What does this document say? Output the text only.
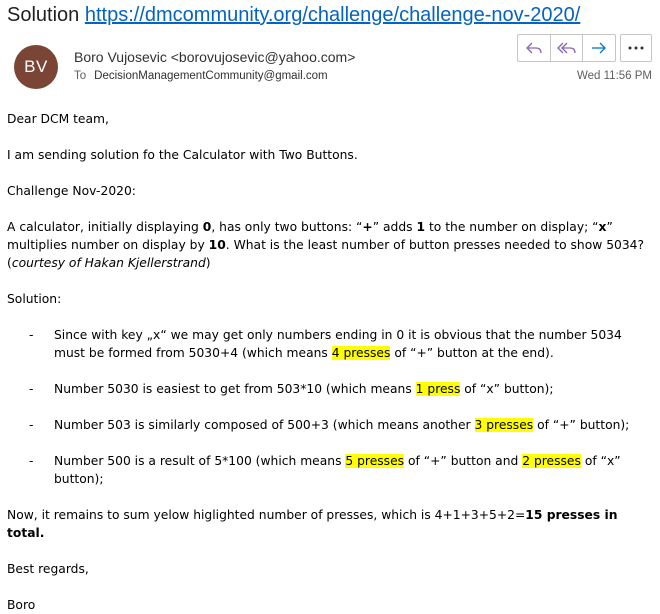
Solution https://dmcommunity.org/challenge/challenge-nov-2020/
BV Boro Vujosevic <borovujosevic@yahoo.com>
To DecisionManagementCommunity@gmail.com	Wed 11:56 PM

Dear DCM team,

I am sending solution fo the Calculator with Two Buttons.

Challenge Nov-2020:

A calculator, initially displaying 0, has only two buttons: “+” adds 1 to the number on display; “x” multiplies number on display by 10. What is the least number of button presses needed to show 5034? (courtesy of Hakan Kjellerstrand)

Solution:

- Since with key „x“ we may get only numbers ending in 0 it is obvious that the number 5034 must be formed from 5030+4 (which means 4 presses of “+” button at the end).
- Number 5030 is easiest to get from 503*10 (which means 1 press of “x” button);
- Number 503 is similarly composed of 500+3 (which means another 3 presses of “+” button);
- Number 500 is a result of 5*100 (which means 5 presses of “+” button and 2 presses of “x” button);

Now, it remains to sum yelow higlighted number of presses, which is 4+1+3+5+2=15 presses in total.

Best regards,

Boro
